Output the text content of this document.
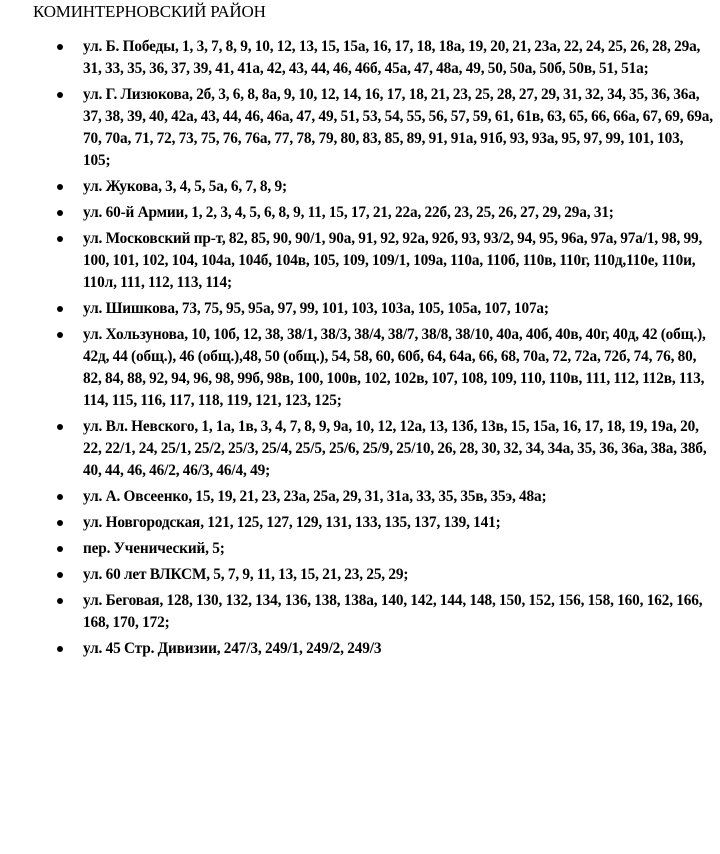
КОМИНТЕРНОВСКИЙ РАЙОН
ул. Б. Победы, 1, 3, 7, 8, 9, 10, 12, 13, 15, 15а, 16, 17, 18, 18а, 19, 20, 21, 23а, 22, 24, 25, 26, 28, 29а, 31, 33, 35, 36, 37, 39, 41, 41а, 42, 43, 44, 46, 46б, 45а, 47, 48а, 49, 50, 50а, 50б, 50в, 51, 51а;
ул. Г. Лизюкова, 2б, 3, 6, 8, 8а, 9, 10, 12, 14, 16, 17, 18, 21, 23, 25, 28, 27, 29, 31, 32, 34, 35, 36, 36а, 37, 38, 39, 40, 42а, 43, 44, 46, 46а, 47, 49, 51, 53, 54, 55, 56, 57, 59, 61, 61в, 63, 65, 66, 66а, 67, 69, 69а, 70, 70а, 71, 72, 73, 75, 76, 76а, 77, 78, 79, 80, 83, 85, 89, 91, 91а, 91б, 93, 93а, 95, 97, 99, 101, 103, 105;
ул. Жукова, 3, 4, 5, 5а, 6, 7, 8, 9;
ул. 60-й Армии, 1, 2, 3, 4, 5, 6, 8, 9, 11, 15, 17, 21, 22а, 22б, 23, 25, 26, 27, 29, 29а, 31;
ул. Московский пр-т, 82, 85, 90, 90/1, 90а, 91, 92, 92а, 92б, 93, 93/2, 94, 95, 96а, 97а, 97а/1, 98, 99, 100, 101, 102, 104, 104а, 104б, 104в, 105, 109, 109/1, 109а, 110а, 110б, 110в, 110г, 110д,110е, 110и, 110л, 111, 112, 113, 114;
ул. Шишкова, 73, 75, 95, 95а, 97, 99, 101, 103, 103а, 105, 105а, 107, 107а;
ул. Хользунова, 10, 10б, 12, 38, 38/1, 38/3, 38/4, 38/7, 38/8, 38/10, 40а, 40б, 40в, 40г, 40д, 42 (общ.), 42д, 44 (общ.), 46 (общ.),48, 50 (общ.), 54, 58, 60, 60б, 64, 64а, 66, 68, 70а, 72, 72а, 72б, 74, 76, 80, 82, 84, 88, 92, 94, 96, 98, 99б, 98в, 100, 100в, 102, 102в, 107, 108, 109, 110, 110в, 111, 112, 112в, 113, 114, 115, 116, 117, 118, 119, 121, 123, 125;
ул. Вл. Невского, 1, 1а, 1в, 3, 4, 7, 8, 9, 9а, 10, 12, 12а, 13, 13б, 13в, 15, 15а, 16, 17, 18, 19, 19а, 20, 22, 22/1, 24, 25/1, 25/2, 25/3, 25/4, 25/5, 25/6, 25/9, 25/10, 26, 28, 30, 32, 34, 34а, 35, 36, 36а, 38а, 38б, 40, 44, 46, 46/2, 46/3, 46/4, 49;
ул. А. Овсеенко, 15, 19, 21, 23, 23а, 25а, 29, 31, 31а, 33, 35, 35в, 35э, 48а;
ул. Новгородская, 121, 125, 127, 129, 131, 133, 135, 137, 139, 141;
пер. Ученический, 5;
ул. 60 лет ВЛКСМ, 5, 7, 9, 11, 13, 15, 21, 23, 25, 29;
ул. Беговая, 128, 130, 132, 134, 136, 138, 138а, 140, 142, 144, 148, 150, 152, 156, 158, 160, 162, 166, 168, 170, 172;
ул. 45 Стр. Дивизии, 247/3, 249/1, 249/2, 249/3
